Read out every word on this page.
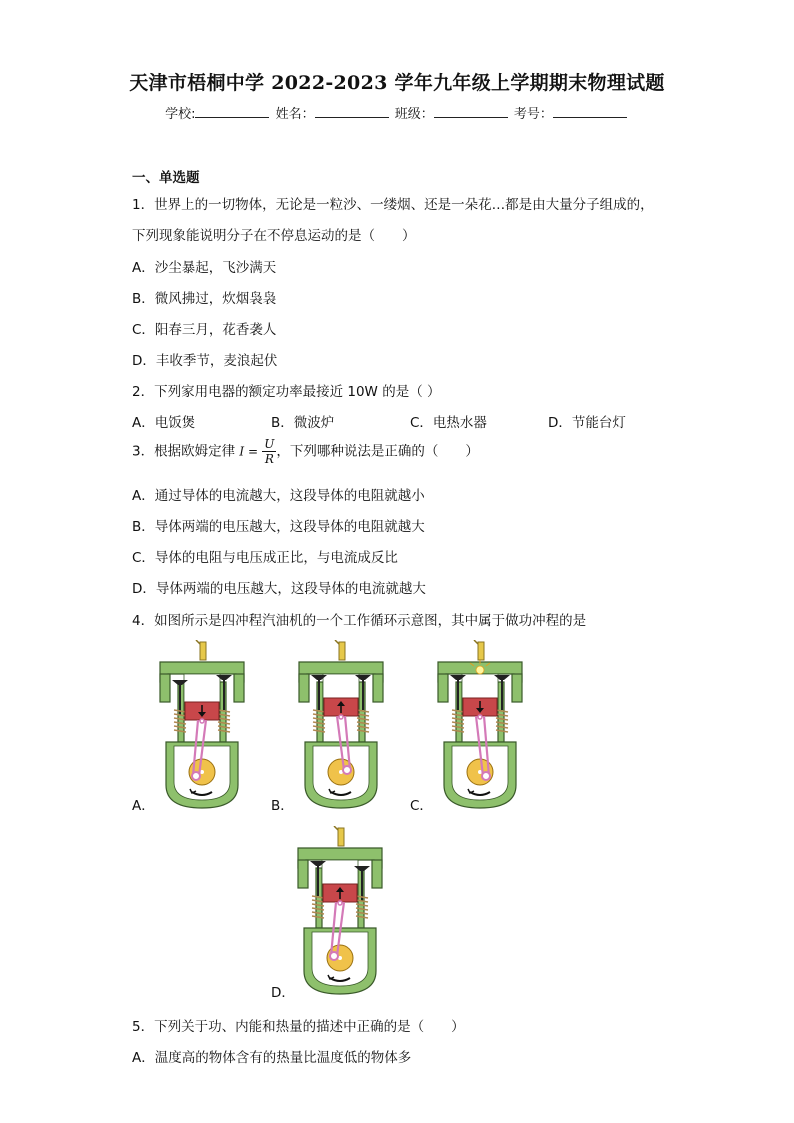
天津市梧桐中学 2022-2023 学年九年级上学期期末物理试题
学校:	姓名：	班级：	考号：
一、单选题
1．世界上的一切物体，无论是一粒沙、一缕烟、还是一朵花…都是由大量分子组成的，
下列现象能说明分子在不停息运动的是（　　）
A．沙尘暴起，飞沙满天
B．微风拂过，炊烟袅袅
C．阳春三月，花香袭人
D．丰收季节，麦浪起伏
2．下列家用电器的额定功率最接近 10W 的是（ ）
A．电饭煲	B．微波炉	C．电热水器	D．节能台灯
3．根据欧姆定律 $I = \frac{U}{R}$ ，下列哪种说法是正确的（　　）
A．通过导体的电流越大，这段导体的电阻就越小
B．导体两端的电压越大，这段导体的电阻就越大
C．导体的电阻与电压成正比，与电流成反比
D．导体两端的电压越大，这段导体的电流就越大
4．如图所示是四冲程汽油机的一个工作循环示意图，其中属于做功冲程的是
A．	B．	C．
D．
5．下列关于功、内能和热量的描述中正确的是（　　）
A．温度高的物体含有的热量比温度低的物体多
